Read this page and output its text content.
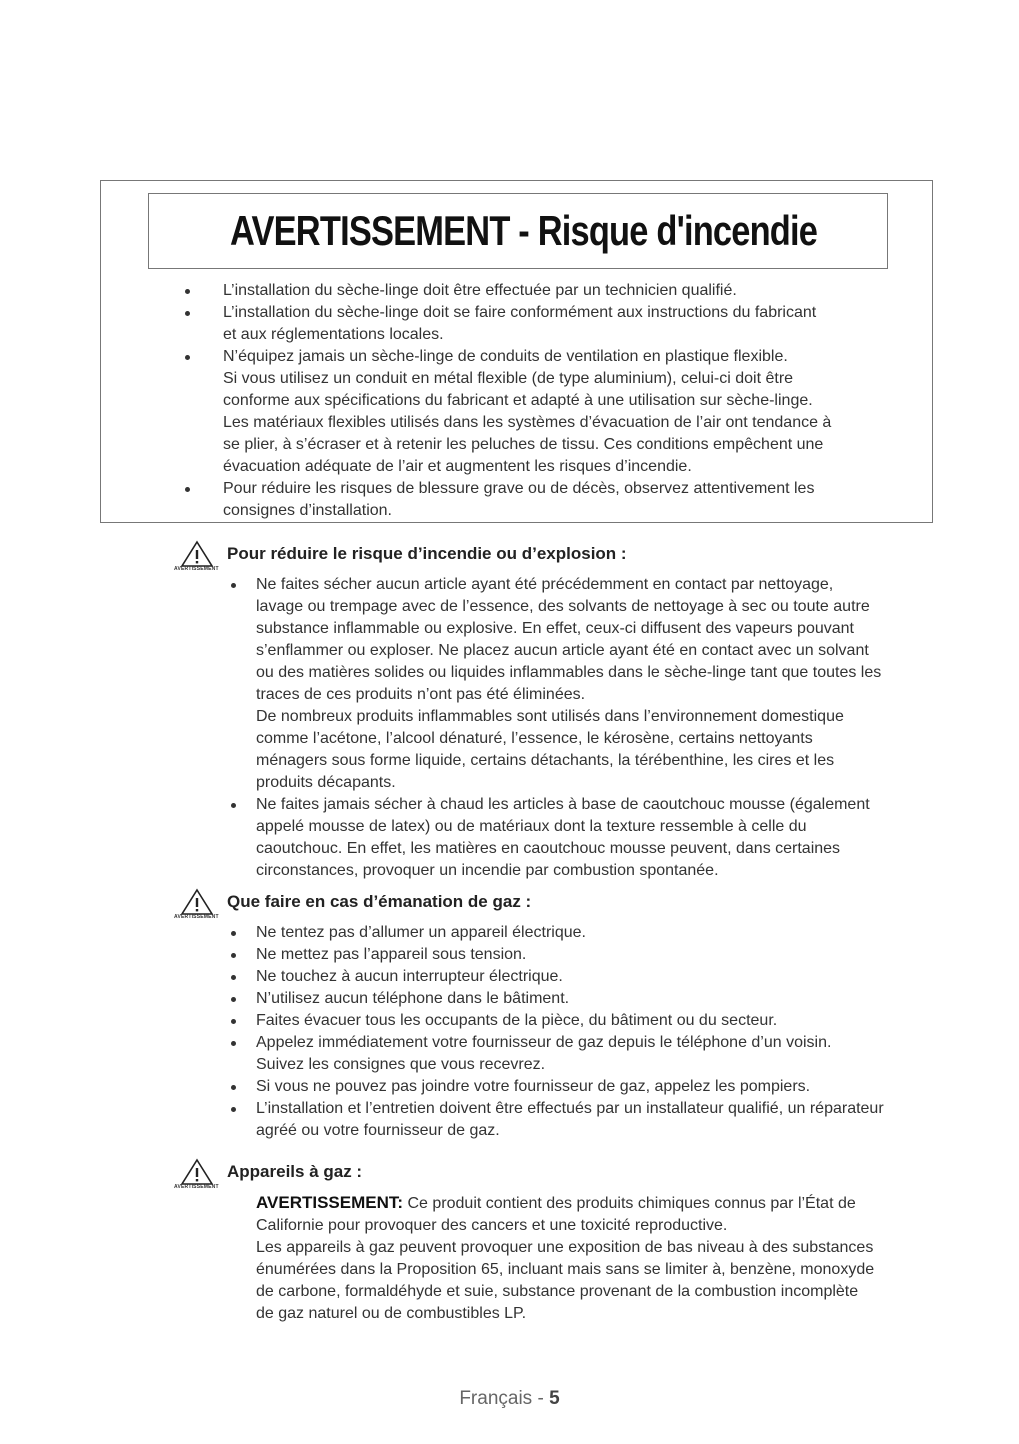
AVERTISSEMENT - Risque d'incendie
L’installation du sèche-linge doit être effectuée par un technicien qualifié.
L’installation du sèche-linge doit se faire conformément aux instructions du fabricant
et aux réglementations locales.
N’équipez jamais un sèche-linge de conduits de ventilation en plastique flexible.
Si vous utilisez un conduit en métal flexible (de type aluminium), celui-ci doit être
conforme aux spécifications du fabricant et adapté à une utilisation sur sèche-linge.
Les matériaux flexibles utilisés dans les systèmes d’évacuation de l’air ont tendance à
se plier, à s’écraser et à retenir les peluches de tissu. Ces conditions empêchent une
évacuation adéquate de l’air et augmentent les risques d’incendie.
Pour réduire les risques de blessure grave ou de décès, observez attentivement les
consignes d’installation.
AVERTISSEMENT
Pour réduire le risque d’incendie ou d’explosion :
Ne faites sécher aucun article ayant été précédemment en contact par nettoyage,
lavage ou trempage avec de l’essence, des solvants de nettoyage à sec ou toute autre
substance inflammable ou explosive. En effet, ceux-ci diffusent des vapeurs pouvant
s’enflammer ou exploser. Ne placez aucun article ayant été en contact avec un solvant
ou des matières solides ou liquides inflammables dans le sèche-linge tant que toutes les
traces de ces produits n’ont pas été éliminées.
De nombreux produits inflammables sont utilisés dans l’environnement domestique
comme l’acétone, l’alcool dénaturé, l’essence, le kérosène, certains nettoyants
ménagers sous forme liquide, certains détachants, la térébenthine, les cires et les
produits décapants.
Ne faites jamais sécher à chaud les articles à base de caoutchouc mousse (également
appelé mousse de latex) ou de matériaux dont la texture ressemble à celle du
caoutchouc. En effet, les matières en caoutchouc mousse peuvent, dans certaines
circonstances, provoquer un incendie par combustion spontanée.
AVERTISSEMENT
Que faire en cas d’émanation de gaz :
Ne tentez pas d’allumer un appareil électrique.
Ne mettez pas l’appareil sous tension.
Ne touchez à aucun interrupteur électrique.
N’utilisez aucun téléphone dans le bâtiment.
Faites évacuer tous les occupants de la pièce, du bâtiment ou du secteur.
Appelez immédiatement votre fournisseur de gaz depuis le téléphone d’un voisin.
Suivez les consignes que vous recevrez.
Si vous ne pouvez pas joindre votre fournisseur de gaz, appelez les pompiers.
L’installation et l’entretien doivent être effectués par un installateur qualifié, un réparateur
agréé ou votre fournisseur de gaz.
AVERTISSEMENT
Appareils à gaz :

AVERTISSEMENT: Ce produit contient des produits chimiques connus par l’État de
Californie pour provoquer des cancers et une toxicité reproductive.

Les appareils à gaz peuvent provoquer une exposition de bas niveau à des substances
énumérées dans la Proposition 65, incluant mais sans se limiter à, benzène, monoxyde
de carbone, formaldéhyde et suie, substance provenant de la combustion incomplète
de gaz naturel ou de combustibles LP.

Français - 5
